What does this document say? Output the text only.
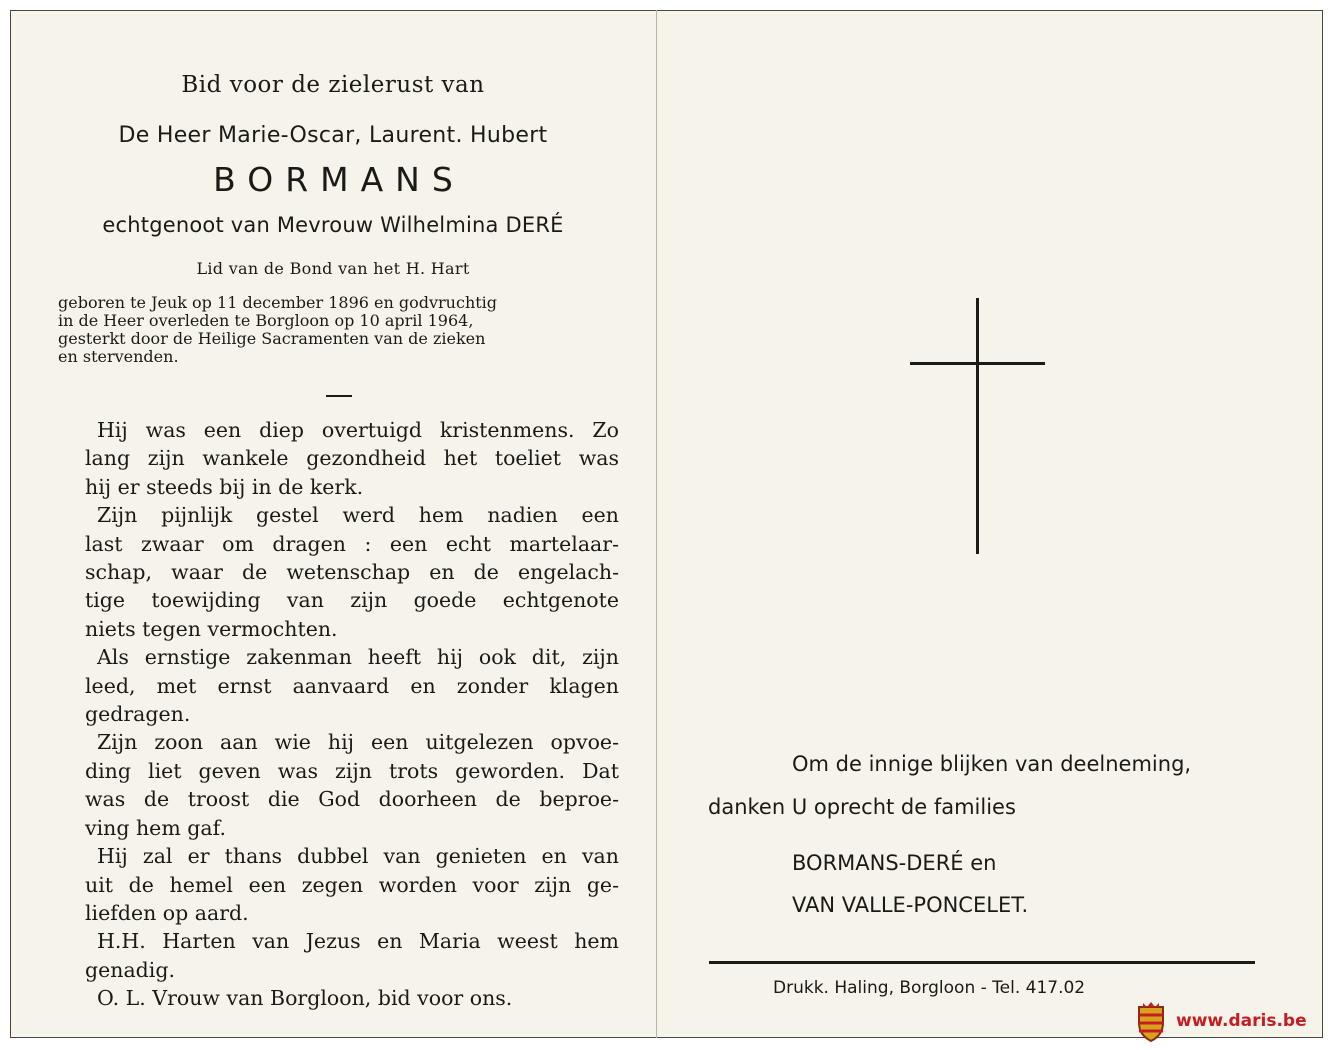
Bid voor de zielerust van
De Heer Marie-Oscar, Laurent. Hubert
BORMANS
echtgenoot van Mevrouw Wilhelmina DERÉ
Lid van de Bond van het H. Hart
geboren te Jeuk op 11 december 1896 en godvruchtig
in de Heer overleden te Borgloon op 10 april 1964,
gesterkt door de Heilige Sacramenten van de zieken
en stervenden.
Hij was een diep overtuigd kristenmens. Zo
lang zijn wankele gezondheid het toeliet was
hij er steeds bij in de kerk.
Zijn pijnlijk gestel werd hem nadien een
last zwaar om dragen : een echt martelaar-
schap, waar de wetenschap en de engelach-
tige toewijding van zijn goede echtgenote
niets tegen vermochten.
Als ernstige zakenman heeft hij ook dit, zijn
leed, met ernst aanvaard en zonder klagen
gedragen.
Zijn zoon aan wie hij een uitgelezen opvoe-
ding liet geven was zijn trots geworden. Dat
was de troost die God doorheen de beproe-
ving hem gaf.
Hij zal er thans dubbel van genieten en van
uit de hemel een zegen worden voor zijn ge-
liefden op aard.
H.H. Harten van Jezus en Maria weest hem
genadig.
O. L. Vrouw van Borgloon, bid voor ons.
Om de innige blijken van deelneming,
danken U oprecht de families
BORMANS-DERÉ en
VAN VALLE-PONCELET.
Drukk. Haling, Borgloon - Tel. 417.02
www.daris.be
